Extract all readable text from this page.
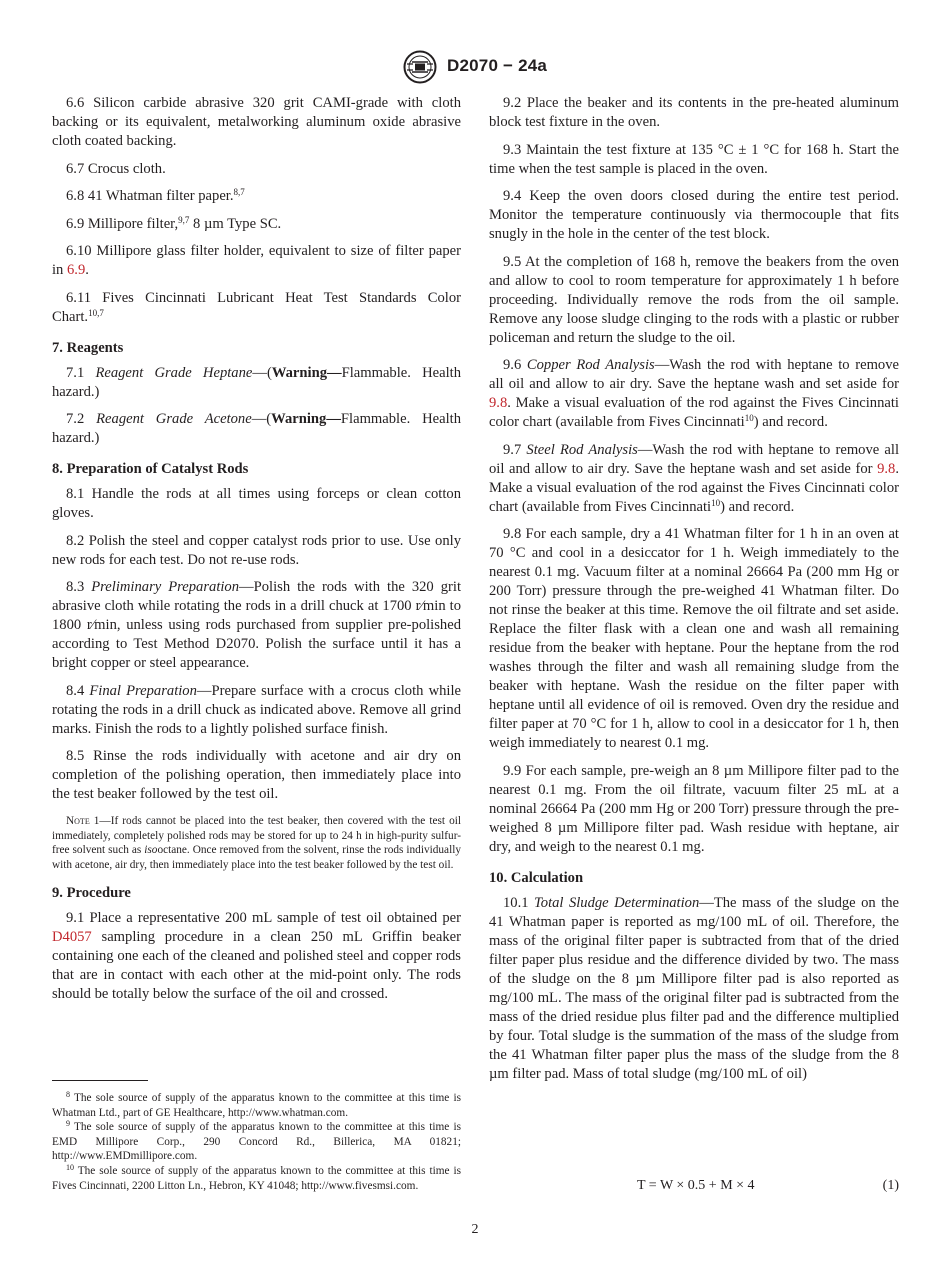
D2070 − 24a

6.6 Silicon carbide abrasive 320 grit CAMI-grade with cloth backing or its equivalent, metalworking aluminum oxide abrasive cloth coated backing.

6.7 Crocus cloth.

6.8 41 Whatman filter paper.$^{8,7}$

6.9 Millipore filter,$^{9,7}$ 8 µm Type SC.

6.10 Millipore glass filter holder, equivalent to size of filter paper in 6.9.

6.11 Fives Cincinnati Lubricant Heat Test Standards Color Chart.$^{10,7}$

7. Reagents

7.1 Reagent Grade Heptane—(Warning—Flammable. Health hazard.)

7.2 Reagent Grade Acetone—(Warning—Flammable. Health hazard.)

8. Preparation of Catalyst Rods

8.1 Handle the rods at all times using forceps or clean cotton gloves.

8.2 Polish the steel and copper catalyst rods prior to use. Use only new rods for each test. Do not re-use rods.

8.3 Preliminary Preparation—Polish the rods with the 320 grit abrasive cloth while rotating the rods in a drill chuck at 1700 r⁄min to 1800 r⁄min, unless using rods purchased from supplier pre-polished according to Test Method D2070. Polish the surface until it has a bright copper or steel appearance.

8.4 Final Preparation—Prepare surface with a crocus cloth while rotating the rods in a drill chuck as indicated above. Remove all grind marks. Finish the rods to a lightly polished surface finish.

8.5 Rinse the rods individually with acetone and air dry on completion of the polishing operation, then immediately place into the test beaker followed by the test oil.

Note 1—If rods cannot be placed into the test beaker, then covered with the test oil immediately, completely polished rods may be stored for up to 24 h in high-purity sulfur-free solvent such as isooctane. Once removed from the solvent, rinse the rods individually with acetone, air dry, then immediately place into the test beaker followed by the test oil.

9. Procedure

9.1 Place a representative 200 mL sample of test oil obtained per D4057 sampling procedure in a clean 250 mL Griffin beaker containing one each of the cleaned and polished steel and copper rods that are in contact with each other at the mid-point only. The rods should be totally below the surface of the oil and crossed.

$^8$ The sole source of supply of the apparatus known to the committee at this time is Whatman Ltd., part of GE Healthcare, http://www.whatman.com.
$^9$ The sole source of supply of the apparatus known to the committee at this time is EMD Millipore Corp., 290 Concord Rd., Billerica, MA 01821; http://www.EMDmillipore.com.
$^{10}$ The sole source of supply of the apparatus known to the committee at this time is Fives Cincinnati, 2200 Litton Ln., Hebron, KY 41048; http://www.fivesmsi.com.

9.2 Place the beaker and its contents in the pre-heated aluminum block test fixture in the oven.

9.3 Maintain the test fixture at 135 °C ± 1 °C for 168 h. Start the time when the test sample is placed in the oven.

9.4 Keep the oven doors closed during the entire test period. Monitor the temperature continuously via thermocouple that fits snugly in the hole in the center of the test block.

9.5 At the completion of 168 h, remove the beakers from the oven and allow to cool to room temperature for approximately 1 h before proceeding. Individually remove the rods from the oil sample. Remove any loose sludge clinging to the rods with a plastic or rubber policeman and return the sludge to the oil.

9.6 Copper Rod Analysis—Wash the rod with heptane to remove all oil and allow to air dry. Save the heptane wash and set aside for 9.8. Make a visual evaluation of the rod against the Fives Cincinnati color chart (available from Fives Cincinnati$^{10}$) and record.

9.7 Steel Rod Analysis—Wash the rod with heptane to remove all oil and allow to air dry. Save the heptane wash and set aside for 9.8. Make a visual evaluation of the rod against the Fives Cincinnati color chart (available from Fives Cincinnati$^{10}$) and record.

9.8 For each sample, dry a 41 Whatman filter for 1 h in an oven at 70 °C and cool in a desiccator for 1 h. Weigh immediately to the nearest 0.1 mg. Vacuum filter at a nominal 26664 Pa (200 mm Hg or 200 Torr) pressure through the pre-weighed 41 Whatman filter. Do not rinse the beaker at this time. Remove the oil filtrate and set aside. Replace the filter flask with a clean one and wash all remaining residue from the beaker with heptane. Pour the heptane from the rod washes through the filter and wash all remaining sludge from the beaker with heptane. Wash the residue on the filter paper with heptane until all evidence of oil is removed. Oven dry the residue and filter paper at 70 °C for 1 h, allow to cool in a desiccator for 1 h, then weigh immediately to nearest 0.1 mg.

9.9 For each sample, pre-weigh an 8 µm Millipore filter pad to the nearest 0.1 mg. From the oil filtrate, vacuum filter 25 mL at a nominal 26664 Pa (200 mm Hg or 200 Torr) pressure through the pre-weighed 8 µm Millipore filter pad. Wash residue with heptane, air dry, and weigh to the nearest 0.1 mg.

10. Calculation

10.1 Total Sludge Determination—The mass of the sludge on the 41 Whatman paper is reported as mg/100 mL of oil. Therefore, the mass of the original filter paper is subtracted from that of the dried filter paper plus residue and the difference divided by two. The mass of the sludge on the 8 µm Millipore filter pad is also reported as mg/100 mL. The mass of the original filter pad is subtracted from the mass of the dried residue plus filter pad and the difference multiplied by four. Total sludge is the summation of the mass of the sludge from the 41 Whatman filter paper plus the mass of the sludge from the 8 µm filter pad. Mass of total sludge (mg/100 mL of oil)

T = W × 0.5 + M × 4	(1)
2
